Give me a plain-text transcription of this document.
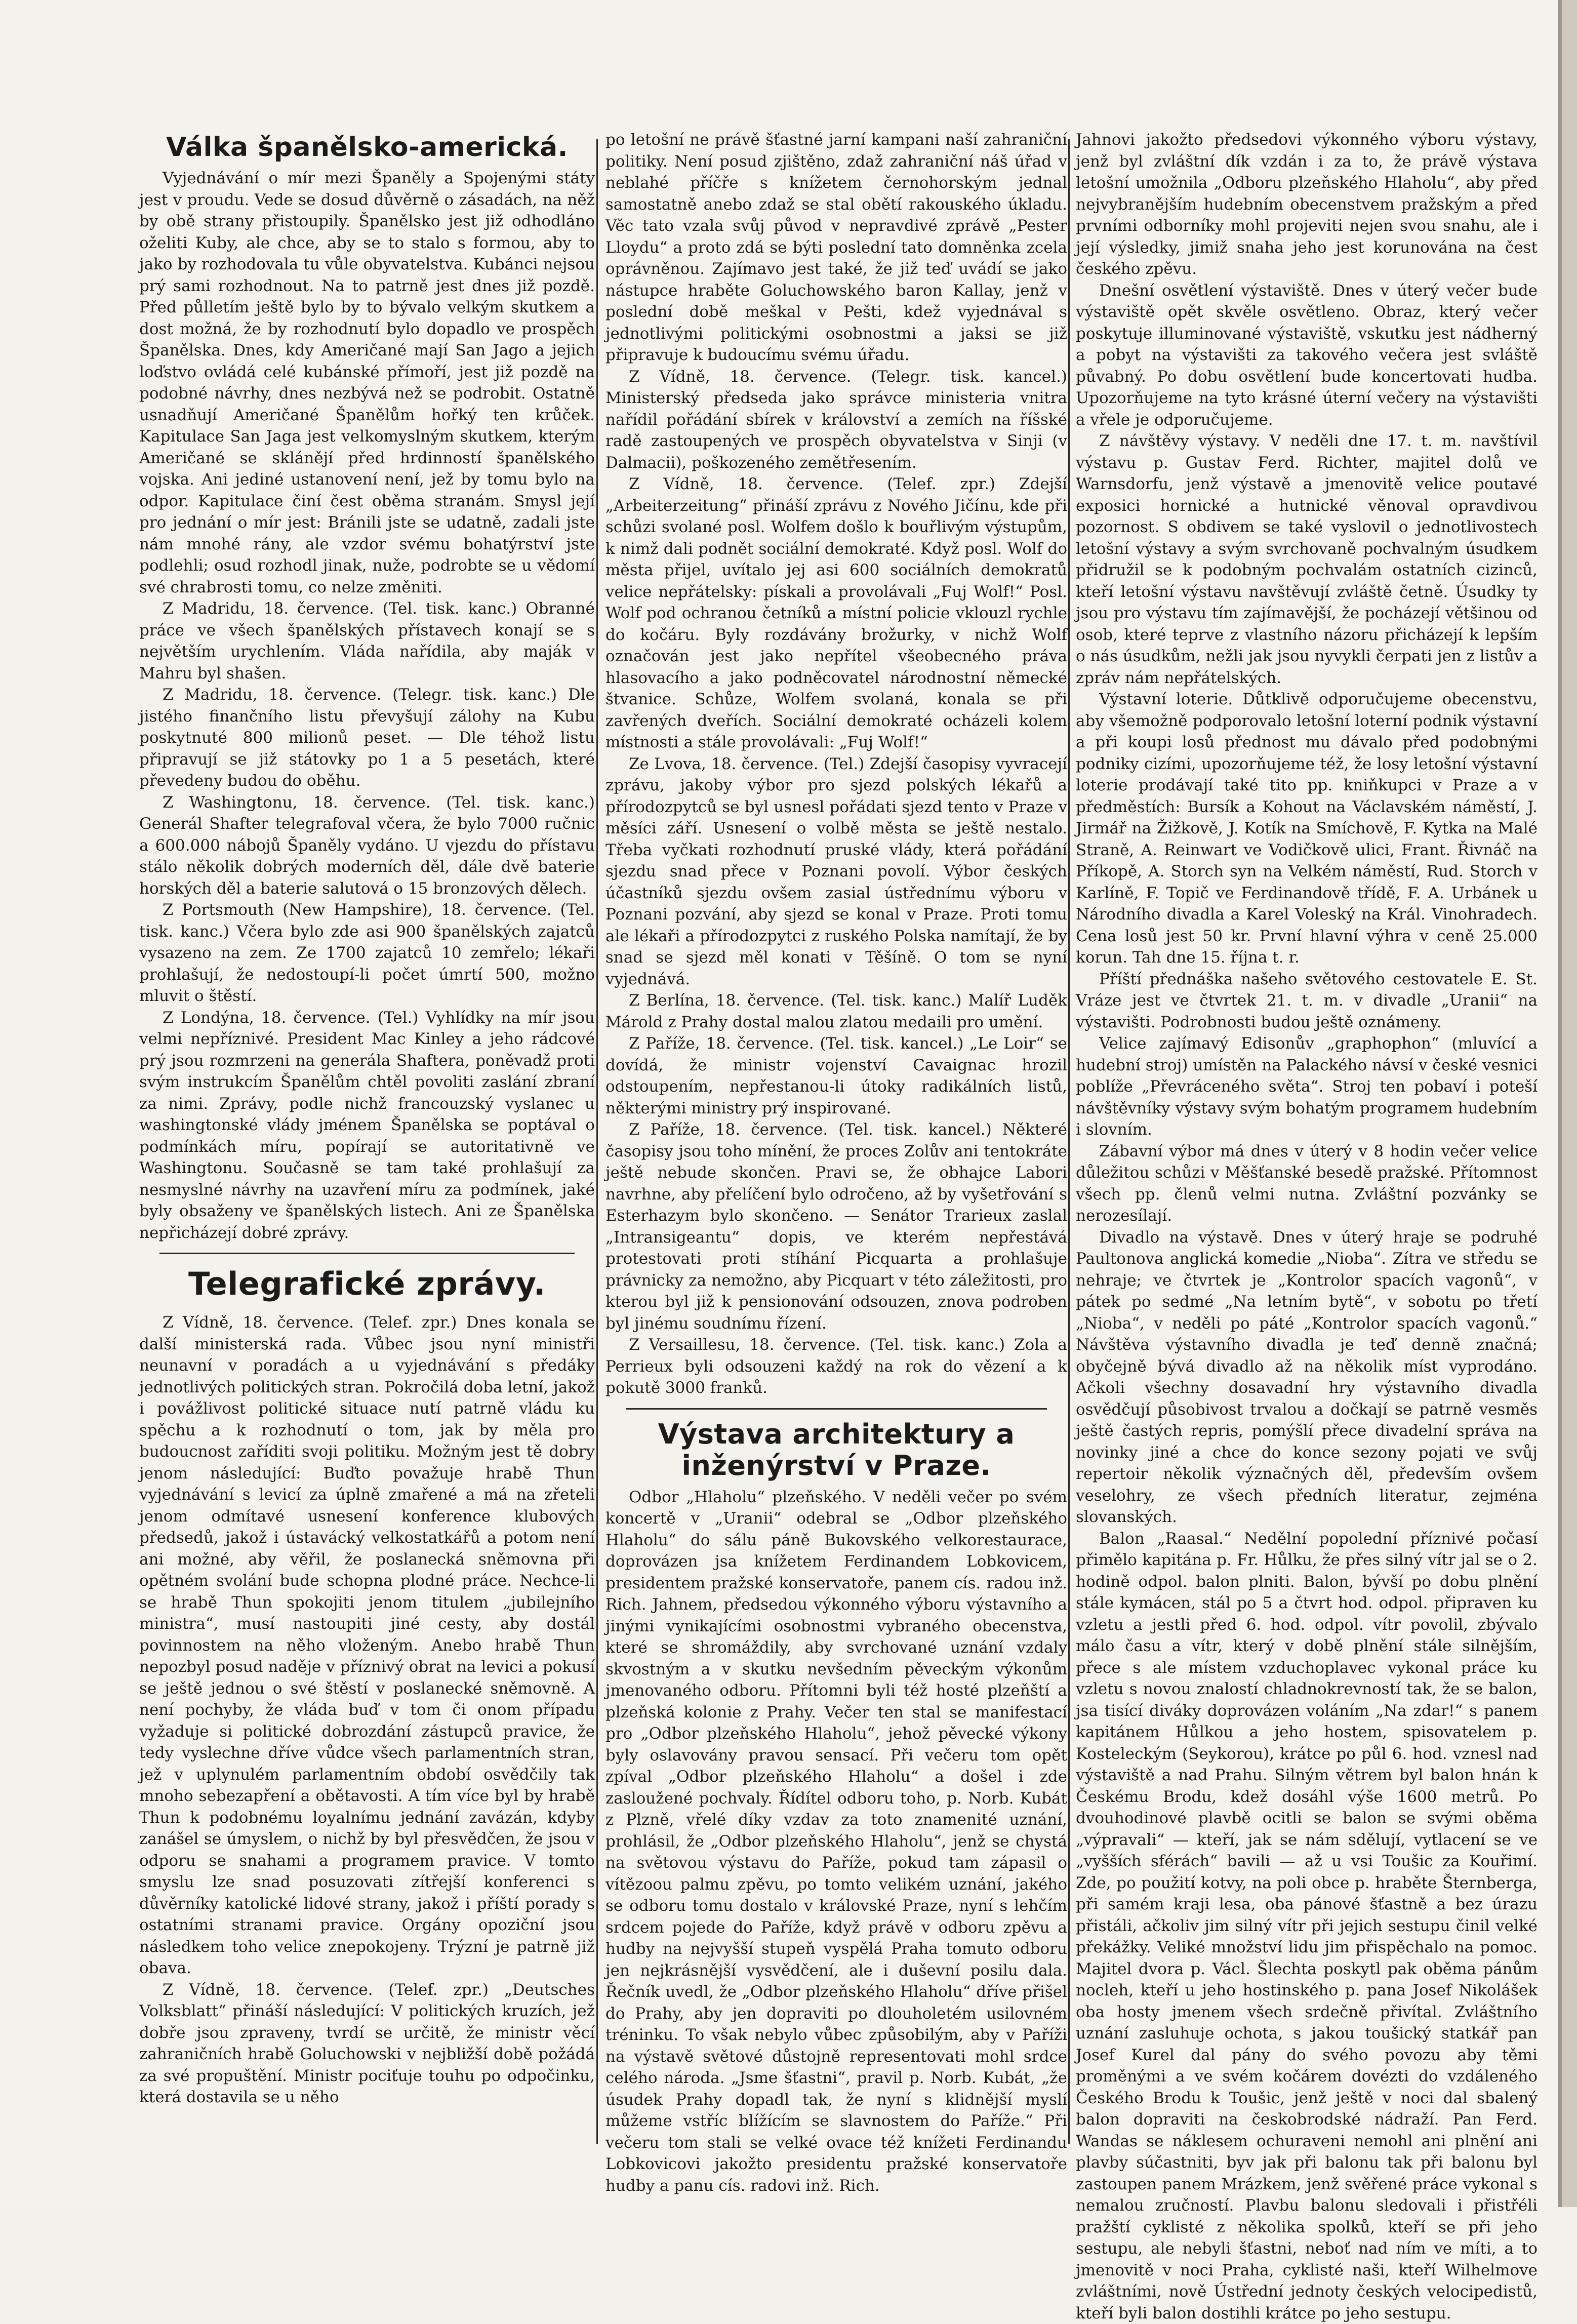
Válka španělsko-americká.

Vyjednávání o mír mezi Španěly a Spojenými státy jest v proudu. Vede se dosud důvěrně o zásadách, na něž by obě strany přistoupily. Španělsko jest již odhodláno oželiti Kuby, ale chce, aby se to stalo s formou, aby to jako by rozhodovala tu vůle obyvatelstva. Kubánci nejsou prý sami rozhodnout. Na to patrně jest dnes již pozdě. Před půlletím ještě bylo by to bývalo velkým skutkem a dost možná, že by rozhodnutí bylo dopadlo ve prospěch Španělska. Dnes, kdy Američané mají San Jago a jejich loďstvo ovládá celé kubánské přímoří, jest již pozdě na podobné návrhy, dnes nezbývá než se podrobit. Ostatně usnadňují Američané Španělům hořký ten krůček. Kapitulace San Jaga jest velkomyslným skutkem, kterým Američané se sklánějí před hrdinností španělského vojska. Ani jediné ustanovení není, jež by tomu bylo na odpor. Kapitulace činí čest oběma stranám. Smysl její pro jednání o mír jest: Bránili jste se udatně, zadali jste nám mnohé rány, ale vzdor svému bohatýrství jste podlehli; osud rozhodl jinak, nuže, podrobte se u vědomí své chrabrosti tomu, co nelze změniti.

Z Madridu, 18. července. (Tel. tisk. kanc.) Obranné práce ve všech španělských přístavech konají se s největším urychlením. Vláda nařídila, aby maják v Mahru byl shašen.

Z Madridu, 18. července. (Telegr. tisk. kanc.) Dle jistého finančního listu převyšují zálohy na Kubu poskytnuté 800 milionů peset. — Dle téhož listu připravují se již státovky po 1 a 5 pesetách, které převedeny budou do oběhu.

Z Washingtonu, 18. července. (Tel. tisk. kanc.) Generál Shafter telegrafoval včera, že bylo 7000 ručnic a 600.000 nábojů Španěly vydáno. U vjezdu do přístavu stálo několik dobrých moderních děl, dále dvě baterie horských děl a baterie salutová o 15 bronzových dělech.

Z Portsmouth (New Hampshire), 18. července. (Tel. tisk. kanc.) Včera bylo zde asi 900 španělských zajatců vysazeno na zem. Ze 1700 zajatců 10 zemřelo; lékaři prohlašují, že nedostoupí-li počet úmrtí 500, možno mluvit o štěstí.

Z Londýna, 18. července. (Tel.) Vyhlídky na mír jsou velmi nepříznivé. President Mac Kinley a jeho rádcové prý jsou rozmrzeni na generála Shaftera, poněvadž proti svým instrukcím Španělům chtěl povoliti zaslání zbraní za nimi. Zprávy, podle nichž francouzský vyslanec u washingtonské vlády jménem Španělska se poptával o podmínkách míru, popírají se autoritativně ve Washingtonu. Současně se tam také prohlašují za nesmyslné návrhy na uzavření míru za podmínek, jaké byly obsaženy ve španělských listech. Ani ze Španělska nepřicházejí dobré zprávy.

Telegrafické zprávy.

Z Vídně, 18. července. (Telef. zpr.) Dnes konala se další ministerská rada. Vůbec jsou nyní ministři neunavní v poradách a u vyjednávání s předáky jednotlivých politických stran. Pokročilá doba letní, jakož i povážlivost politické situace nutí patrně vládu ku spěchu a k rozhodnutí o tom, jak by měla pro budoucnost zaříditi svoji politiku. Možným jest tě dobry jenom následující: Buďto považuje hrabě Thun vyjednávání s levicí za úplně zmařené a má na zřeteli jenom odmítavé usnesení konference klubových předsedů, jakož i ústavácký velkostatkářů a potom není ani možné, aby věřil, že poslanecká sněmovna při opětném svolání bude schopna plodné práce. Nechce-li se hrabě Thun spokojiti jenom titulem „jubilejního ministra“, musí nastoupiti jiné cesty, aby dostál povinnostem na něho vloženým. Anebo hrabě Thun nepozbyl posud naděje v příznivý obrat na levici a pokusí se ještě jednou o své štěstí v poslanecké sněmovně. A není pochyby, že vláda buď v tom či onom případu vyžaduje si politické dobrozdání zástupců pravice, že tedy vyslechne dříve vůdce všech parlamentních stran, jež v uplynulém parlamentním období osvědčily tak mnoho sebezapření a obětavosti. A tím více byl by hrabě Thun k podobnému loyalnímu jednání zavázán, kdyby zanášel se úmyslem, o nichž by byl přesvědčen, že jsou v odporu se snahami a programem pravice. V tomto smyslu lze snad posuzovati zítřejší konferenci s důvěrníky katolické lidové strany, jakož i příští porady s ostatními stranami pravice. Orgány opoziční jsou následkem toho velice znepokojeny. Trýzní je patrně již obava.

Z Vídně, 18. července. (Telef. zpr.) „Deutsches Volksblatt“ přináší následující: V politických kruzích, jež dobře jsou zpraveny, tvrdí se určitě, že ministr věcí zahraničních hrabě Goluchowski v nejbližší době požádá za své propuštění. Ministr pociťuje touhu po odpočinku, která dostavila se u něho

po letošní ne právě šťastné jarní kampani naší zahraniční politiky. Není posud zjištěno, zdaž zahraniční náš úřad v neblahé příčře s knížetem černohorským jednal samostatně anebo zdaž se stal obětí rakouského úkladu. Věc tato vzala svůj původ v nepravdivé zprávě „Pester Lloydu“ a proto zdá se býti poslední tato domněnka zcela oprávněnou. Zajímavo jest také, že již teď uvádí se jako nástupce hraběte Goluchowského baron Kallay, jenž v poslední době meškal v Pešti, kdež vyjednával s jednotlivými politickými osobnostmi a jaksi se již připravuje k budoucímu svému úřadu.

Z Vídně, 18. července. (Telegr. tisk. kancel.) Ministerský předseda jako správce ministeria vnitra nařídil pořádání sbírek v království a zemích na říšské radě zastoupených ve prospěch obyvatelstva v Sinji (v Dalmacii), poškozeného zemětřesením.

Z Vídně, 18. července. (Telef. zpr.) Zdejší „Arbeiterzeitung“ přináší zprávu z Nového Jičínu, kde při schůzi svolané posl. Wolfem došlo k bouřlivým výstupům, k nimž dali podnět sociální demokraté. Když posl. Wolf do města přijel, uvítalo jej asi 600 sociálních demokratů velice nepřátelsky: pískali a provolávali „Fuj Wolf!“ Posl. Wolf pod ochranou četníků a místní policie vklouzl rychle do kočáru. Byly rozdávány brožurky, v nichž Wolf označován jest jako nepřítel všeobecného práva hlasovacího a jako podněcovatel národnostní německé štvanice. Schůze, Wolfem svolaná, konala se při zavřených dveřích. Sociální demokraté ocházeli kolem místnosti a stále provolávali: „Fuj Wolf!“

Ze Lvova, 18. července. (Tel.) Zdejší časopisy vyvracejí zprávu, jakoby výbor pro sjezd polských lékařů a přírodozpytců se byl usnesl pořádati sjezd tento v Praze v měsíci září. Usnesení o volbě města se ještě nestalo. Třeba vyčkati rozhodnutí pruské vlády, která pořádání sjezdu snad přece v Poznani povolí. Výbor českých účastníků sjezdu ovšem zasial ústřednímu výboru v Poznani pozvání, aby sjezd se konal v Praze. Proti tomu ale lékaři a přírodozpytci z ruského Polska namítají, že by snad se sjezd měl konati v Těšíně. O tom se nyní vyjednává.

Z Berlína, 18. července. (Tel. tisk. kanc.) Malíř Luděk Márold z Prahy dostal malou zlatou medaili pro umění.

Z Paříže, 18. července. (Tel. tisk. kancel.) „Le Loir“ se dovídá, že ministr vojenství Cavaignac hrozil odstoupením, nepřestanou-li útoky radikálních listů, některými ministry prý inspirované.

Z Paříže, 18. července. (Tel. tisk. kancel.) Některé časopisy jsou toho mínění, že proces Zolův ani tentokráte ještě nebude skončen. Pravi se, že obhajce Labori navrhne, aby přelíčení bylo odročeno, až by vyšetřování s Esterhazym bylo skončeno. — Senátor Trarieux zaslal „Intransigeantu“ dopis, ve kterém nepřestává protestovati proti stíhání Picquarta a prohlašuje právnicky za nemožno, aby Picquart v této záležitosti, pro kterou byl již k pensionování odsouzen, znova podroben byl jinému soudnímu řízení.

Z Versaillesu, 18. července. (Tel. tisk. kanc.) Zola a Perrieux byli odsouzeni každý na rok do vězení a k pokutě 3000 franků.

Výstava architektury a inženýrství v Praze.

Odbor „Hlaholu“ plzeňského. V neděli večer po svém koncertě v „Uranii“ odebral se „Odbor plzeňského Hlaholu“ do sálu páně Bukovského velkorestaurace, doprovázen jsa knížetem Ferdinandem Lobkovicem, presidentem pražské konservatoře, panem cís. radou inž. Rich. Jahnem, předsedou výkonného výboru výstavního a jinými vynikajícími osobnostmi vybraného obecenstva, které se shromáždily, aby svrchované uznání vzdaly skvostným a v skutku nevšedním pěveckým výkonům jmenovaného odboru. Přítomni byli též hosté plzeňští a plzeňská kolonie z Prahy. Večer ten stal se manifestací pro „Odbor plzeňského Hlaholu“, jehož pěvecké výkony byly oslavovány pravou sensací. Při večeru tom opět zpíval „Odbor plzeňského Hlaholu“ a došel i zde zasloužené pochvaly. Řídítel odboru toho, p. Norb. Kubát z Plzně, vřelé díky vzdav za toto znamenité uznání, prohlásil, že „Odbor plzeňského Hlaholu“, jenž se chystá na světovou výstavu do Paříže, pokud tam zápasil o vítězoou palmu zpěvu, po tomto velikém uznání, jakého se odboru tomu dostalo v královské Praze, nyní s lehčím srdcem pojede do Paříže, když právě v odboru zpěvu a hudby na nejvyšší stupeň vyspělá Praha tomuto odboru jen nejkrásnější vysvědčení, ale i duševní posilu dala. Řečník uvedl, že „Odbor plzeňského Hlaholu“ dříve přišel do Prahy, aby jen dopraviti po dlouholetém usilovném tréninku. To však nebylo vůbec způsobilým, aby v Paříži na výstavě světové důstojně representovati mohl srdce celého národa. „Jsme šťastni“, pravil p. Norb. Kubát, „že úsudek Prahy dopadl tak, že nyní s klidnější myslí můžeme vstříc blížícím se slavnostem do Paříže.“ Při večeru tom stali se velké ovace též knížeti Ferdinandu Lobkovicovi jakožto presidentu pražské konservatoře hudby a panu cís. radovi inž. Rich.

Jahnovi jakožto předsedovi výkonného výboru výstavy, jenž byl zvláštní dík vzdán i za to, že právě výstava letošní umožnila „Odboru plzeňského Hlaholu“, aby před nejvybranějším hudebním obecenstvem pražským a před prvními odborníky mohl projeviti nejen svou snahu, ale i její výsledky, jimiž snaha jeho jest korunována na čest českého zpěvu.

Dnešní osvětlení výstaviště. Dnes v úterý večer bude výstaviště opět skvěle osvětleno. Obraz, který večer poskytuje illuminované výstaviště, vskutku jest nádherný a pobyt na výstavišti za takového večera jest svláště půvabný. Po dobu osvětlení bude koncertovati hudba. Upozorňujeme na tyto krásné úterní večery na výstavišti a vřele je odporučujeme.

Z návštěvy výstavy. V neděli dne 17. t. m. navštívil výstavu p. Gustav Ferd. Richter, majitel dolů ve Warnsdorfu, jenž výstavě a jmenovitě velice poutavé exposici hornické a hutnické věnoval opravdivou pozornost. S obdivem se také vyslovil o jednotlivostech letošní výstavy a svým svrchovaně pochvalným úsudkem přidružil se k podobným pochvalám ostatních cizinců, kteří letošní výstavu navštěvují zvláště četně. Úsudky ty jsou pro výstavu tím zajímavější, že pocházejí většinou od osob, které teprve z vlastního názoru přicházejí k lepším o nás úsudkům, nežli jak jsou nyvykli čerpati jen z listův a zpráv nám nepřátelských.

Výstavní loterie. Důtklivě odporučujeme obecenstvu, aby všemožně podporovalo letošní loterní podnik výstavní a při koupi losů přednost mu dávalo před podobnými podniky cizími, upozorňujeme též, že losy letošní výstavní loterie prodávají také tito pp. kniňkupci v Praze a v předměstích: Bursík a Kohout na Václavském náměstí, J. Jirmář na Žižkově, J. Kotík na Smíchově, F. Kytka na Malé Straně, A. Reinwart ve Vodičkově ulici, Frant. Řivnáč na Příkopě, A. Storch syn na Velkém náměstí, Rud. Storch v Karlíně, F. Topič ve Ferdinandově třídě, F. A. Urbánek u Národního divadla a Karel Voleský na Král. Vinohradech. Cena losů jest 50 kr. První hlavní výhra v ceně 25.000 korun. Tah dne 15. října t. r.

Příští přednáška našeho světového cestovatele E. St. Vráze jest ve čtvrtek 21. t. m. v divadle „Uranii“ na výstavišti. Podrobnosti budou ještě oznámeny.

Velice zajímavý Edisonův „graphophon“ (mluvící a hudební stroj) umístěn na Palackého návsí v české vesnici poblíže „Převráceného světa“. Stroj ten pobaví i poteší návštěvníky výstavy svým bohatým programem hudebním i slovním.

Zábavní výbor má dnes v úterý v 8 hodin večer velice důležitou schůzi v Měšťanské besedě pražské. Přítomnost všech pp. členů velmi nutna. Zvláštní pozvánky se nerozesílají.

Divadlo na výstavě. Dnes v úterý hraje se podruhé Paultonova anglická komedie „Nioba“. Zítra ve středu se nehraje; ve čtvrtek je „Kontrolor spacích vagonů“, v pátek po sedmé „Na letním bytě“, v sobotu po třetí „Nioba“, v neděli po páté „Kontrolor spacích vagonů.“ Návštěva výstavního divadla je teď denně značná; obyčejně bývá divadlo až na několik míst vyprodáno. Ačkoli všechny dosavadní hry výstavního divadla osvědčují působivost trvalou a dočkají se patrně vesměs ještě častých repris, pomýšlí přece divadelní správa na novinky jiné a chce do konce sezony pojati ve svůj repertoir několik význačných děl, především ovšem veselohry, ze všech předních literatur, zejména slovanských.

Balon „Raasal.“ Nedělní popolední příznivé počasí přimělo kapitána p. Fr. Hůlku, že přes silný vítr jal se o 2. hodině odpol. balon plniti. Balon, bývší po dobu plnění stále kymácen, stál po 5 a čtvrt hod. odpol. připraven ku vzletu a jestli před 6. hod. odpol. vítr povolil, zbývalo málo času a vítr, který v době plnění stále silnějším, přece s ale místem vzduchoplavec vykonal práce ku vzletu s novou znalostí chladnokrevností tak, že se balon, jsa tisící diváky doprovázen voláním „Na zdar!“ s panem kapitánem Hůlkou a jeho hostem, spisovatelem p. Kosteleckým (Seykorou), krátce po půl 6. hod. vznesl nad výstaviště a nad Prahu. Silným větrem byl balon hnán k Českému Brodu, kdež dosáhl výše 1600 metrů. Po dvouhodinové plavbě ocitli se balon se svými oběma „výpravali“ — kteří, jak se nám sdělují, vytlacení se ve „vyšších sférách“ bavili — až u vsi Toušic za Kouřimí. Zde, po použití kotvy, na poli obce p. hraběte Šternberga, při samém kraji lesa, oba pánové šťastně a bez úrazu přistáli, ačkoliv jim silný vítr při jejich sestupu činil velké překážky. Veliké množství lidu jim přispěchalo na pomoc. Majitel dvora p. Václ. Šlechta poskytl pak oběma pánům nocleh, kteří u jeho hostinského p. pana Josef Nikolášek oba hosty jmenem všech srdečně přivítal. Zvláštního uznání zasluhuje ochota, s jakou toušický statkář pan Josef Kurel dal pány do svého povozu aby těmi proměnými a ve svém kočárem dovézti do vzdáleného Českého Brodu k Toušic, jenž ještě v noci dal sbalený balon dopraviti na českobrodské nádraží. Pan Ferd. Wandas se náklesem ochuraveni nemohl ani plnění ani plavby súčastniti, byv jak při balonu tak při balonu byl zastoupen panem Mrázkem, jenž svěřené práce vykonal s nemalou zručností. Plavbu balonu sledovali i přistřéli pražští cyklisté z několika spolků, kteří se při jeho sestupu, ale nebyli šťastni, neboť nad ním ve míti, a to jmenovitě v noci Praha, cyklisté naši, kteří Wilhelmove zvláštními, nově Ústřední jednoty českých velocipedistů, kteří byli balon dostihli krátce po jeho sestupu.
